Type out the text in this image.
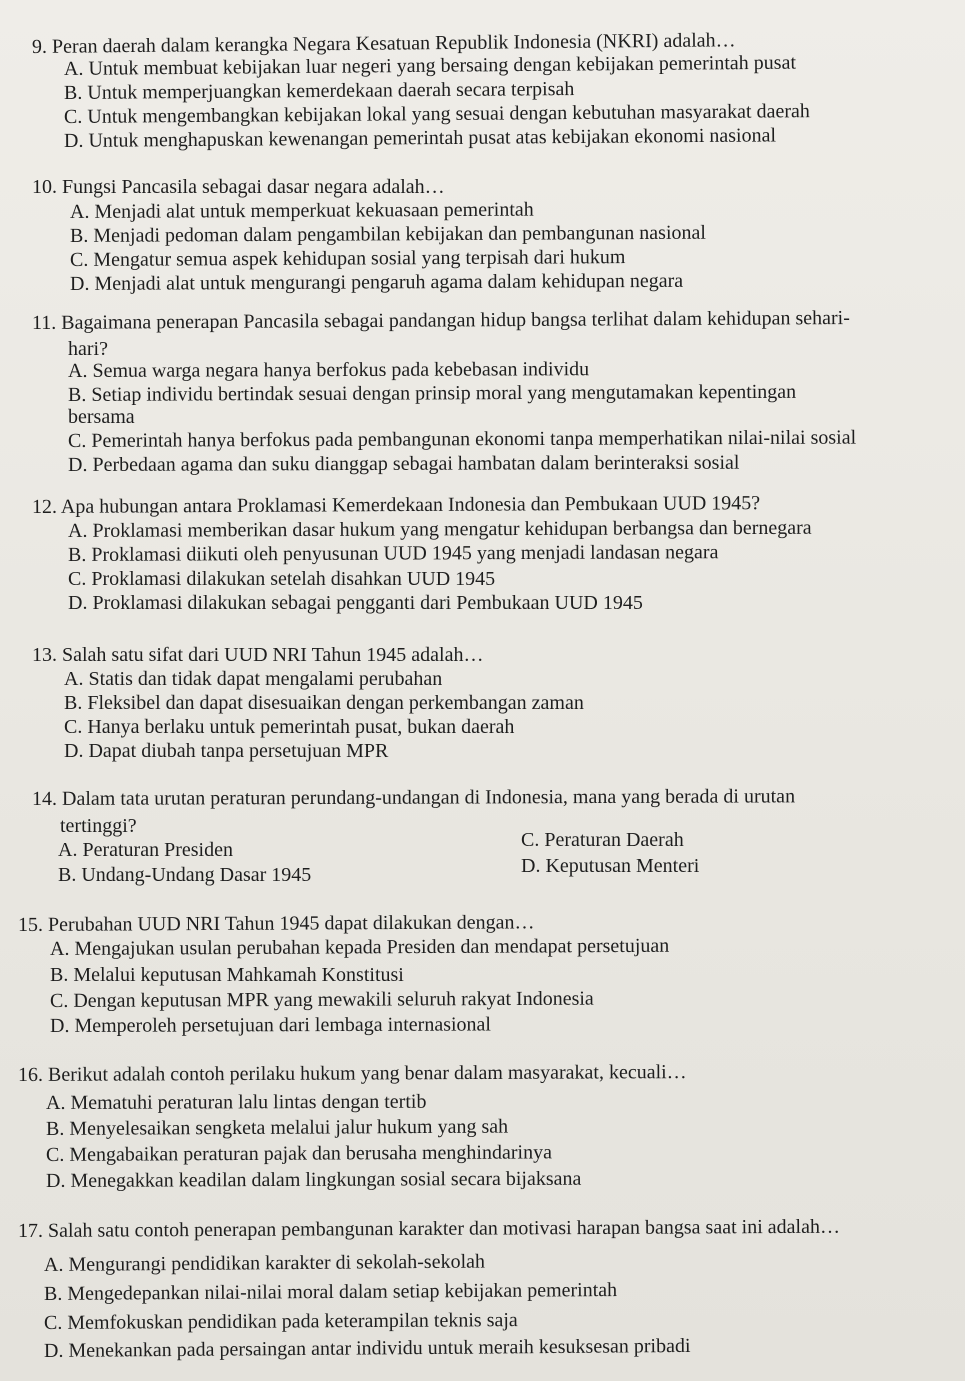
9. Peran daerah dalam kerangka Negara Kesatuan Republik Indonesia (NKRI) adalah…
A. Untuk membuat kebijakan luar negeri yang bersaing dengan kebijakan pemerintah pusat
B. Untuk memperjuangkan kemerdekaan daerah secara terpisah
C. Untuk mengembangkan kebijakan lokal yang sesuai dengan kebutuhan masyarakat daerah
D. Untuk menghapuskan kewenangan pemerintah pusat atas kebijakan ekonomi nasional
10. Fungsi Pancasila sebagai dasar negara adalah…
A. Menjadi alat untuk memperkuat kekuasaan pemerintah
B. Menjadi pedoman dalam pengambilan kebijakan dan pembangunan nasional
C. Mengatur semua aspek kehidupan sosial yang terpisah dari hukum
D. Menjadi alat untuk mengurangi pengaruh agama dalam kehidupan negara
11. Bagaimana penerapan Pancasila sebagai pandangan hidup bangsa terlihat dalam kehidupan sehari-
hari?
A. Semua warga negara hanya berfokus pada kebebasan individu
B. Setiap individu bertindak sesuai dengan prinsip moral yang mengutamakan kepentingan
bersama
C. Pemerintah hanya berfokus pada pembangunan ekonomi tanpa memperhatikan nilai-nilai sosial
D. Perbedaan agama dan suku dianggap sebagai hambatan dalam berinteraksi sosial
12. Apa hubungan antara Proklamasi Kemerdekaan Indonesia dan Pembukaan UUD 1945?
A. Proklamasi memberikan dasar hukum yang mengatur kehidupan berbangsa dan bernegara
B. Proklamasi diikuti oleh penyusunan UUD 1945 yang menjadi landasan negara
C. Proklamasi dilakukan setelah disahkan UUD 1945
D. Proklamasi dilakukan sebagai pengganti dari Pembukaan UUD 1945
13. Salah satu sifat dari UUD NRI Tahun 1945 adalah…
A. Statis dan tidak dapat mengalami perubahan
B. Fleksibel dan dapat disesuaikan dengan perkembangan zaman
C. Hanya berlaku untuk pemerintah pusat, bukan daerah
D. Dapat diubah tanpa persetujuan MPR
14. Dalam tata urutan peraturan perundang-undangan di Indonesia, mana yang berada di urutan
tertinggi?
A. Peraturan Presiden	C. Peraturan Daerah
B. Undang-Undang Dasar 1945	D. Keputusan Menteri
15. Perubahan UUD NRI Tahun 1945 dapat dilakukan dengan…
A. Mengajukan usulan perubahan kepada Presiden dan mendapat persetujuan
B. Melalui keputusan Mahkamah Konstitusi
C. Dengan keputusan MPR yang mewakili seluruh rakyat Indonesia
D. Memperoleh persetujuan dari lembaga internasional
16. Berikut adalah contoh perilaku hukum yang benar dalam masyarakat, kecuali…
A. Mematuhi peraturan lalu lintas dengan tertib
B. Menyelesaikan sengketa melalui jalur hukum yang sah
C. Mengabaikan peraturan pajak dan berusaha menghindarinya
D. Menegakkan keadilan dalam lingkungan sosial secara bijaksana
17. Salah satu contoh penerapan pembangunan karakter dan motivasi harapan bangsa saat ini adalah…
A. Mengurangi pendidikan karakter di sekolah-sekolah
B. Mengedepankan nilai-nilai moral dalam setiap kebijakan pemerintah
C. Memfokuskan pendidikan pada keterampilan teknis saja
D. Menekankan pada persaingan antar individu untuk meraih kesuksesan pribadi
